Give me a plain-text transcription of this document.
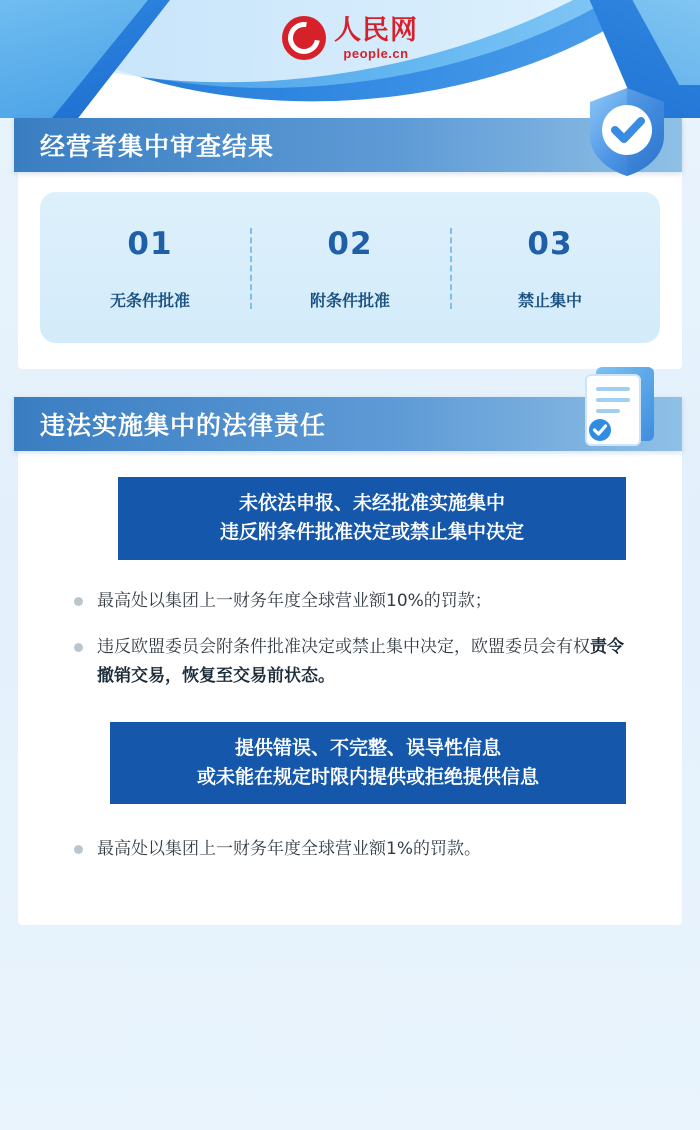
人民网
people.cn
经营者集中审查结果
01
无条件批准
02
附条件批准
03
禁止集中
违法实施集中的法律责任
未依法申报、未经批准实施集中
违反附条件批准决定或禁止集中决定
最高处以集团上一财务年度全球营业额10%的罚款；
违反欧盟委员会附条件批准决定或禁止集中决定，欧盟委员会有权责令撤销交易，恢复至交易前状态。
提供错误、不完整、误导性信息
或未能在规定时限内提供或拒绝提供信息
最高处以集团上一财务年度全球营业额1%的罚款。
